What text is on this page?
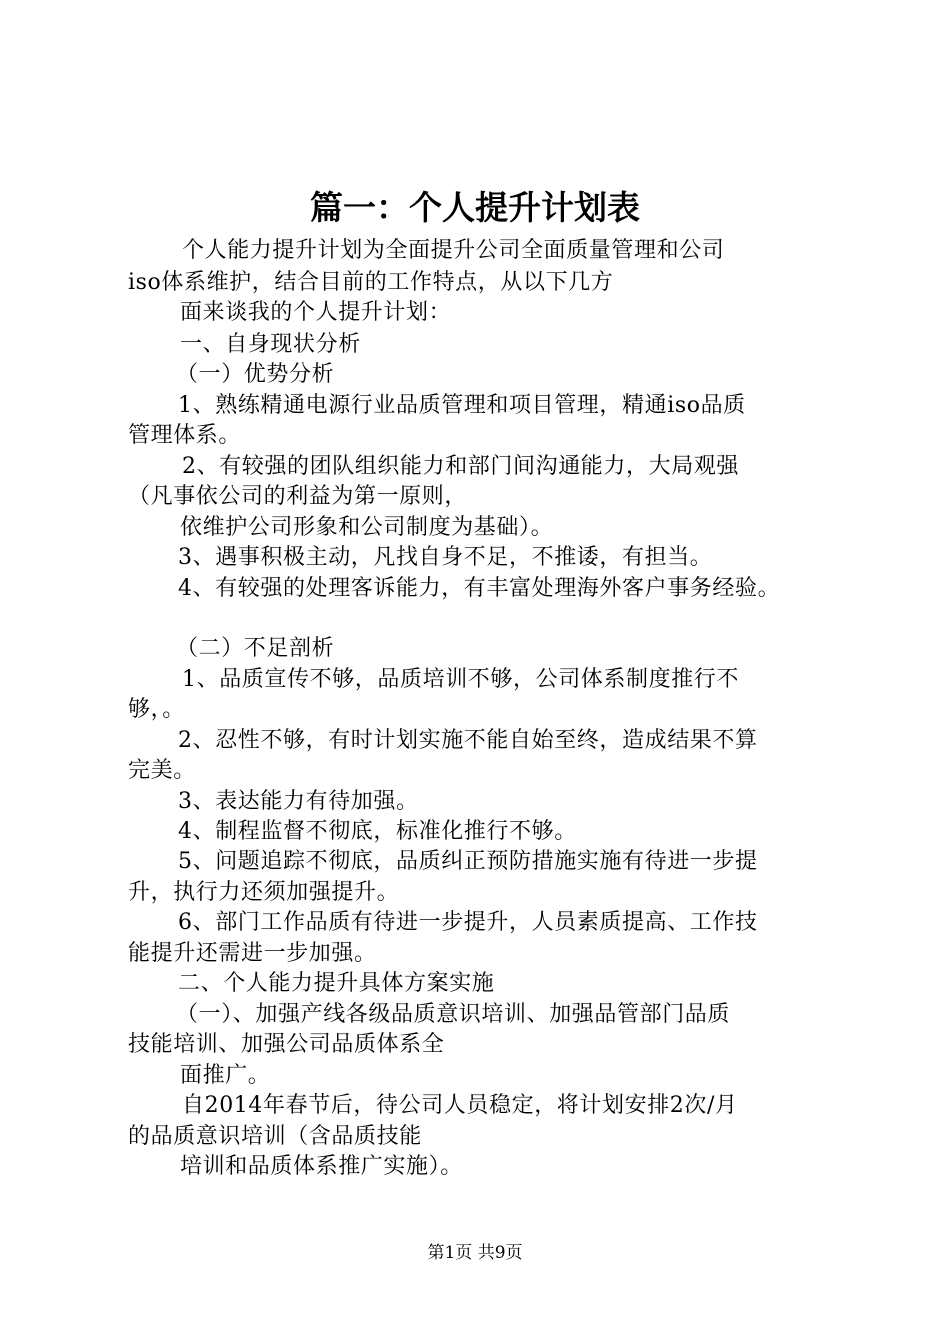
篇一：个人提升计划表
个人能力提升计划为全面提升公司全面质量管理和公司
iso体系维护，结合目前的工作特点，从以下几方
面来谈我的个人提升计划：
一、自身现状分析
（一）优势分析
1、熟练精通电源行业品质管理和项目管理，精通iso品质
管理体系。
2、有较强的团队组织能力和部门间沟通能力，大局观强
（凡事依公司的利益为第一原则，
依维护公司形象和公司制度为基础）。
3、遇事积极主动，凡找自身不足，不推诿，有担当。
4、有较强的处理客诉能力，有丰富处理海外客户事务经验。
（二）不足剖析
1、品质宣传不够，品质培训不够，公司体系制度推行不
够，。
2、忍性不够，有时计划实施不能自始至终，造成结果不算
完美。
3、表达能力有待加强。
4、制程监督不彻底，标准化推行不够。
5、问题追踪不彻底，品质纠正预防措施实施有待进一步提
升，执行力还须加强提升。
6、部门工作品质有待进一步提升，人员素质提高、工作技
能提升还需进一步加强。
二、个人能力提升具体方案实施
（一）、加强产线各级品质意识培训、加强品管部门品质
技能培训、加强公司品质体系全
面推广。
自2014年春节后，待公司人员稳定，将计划安排2次/月
的品质意识培训（含品质技能
培训和品质体系推广实施）。
第1页 共9页
